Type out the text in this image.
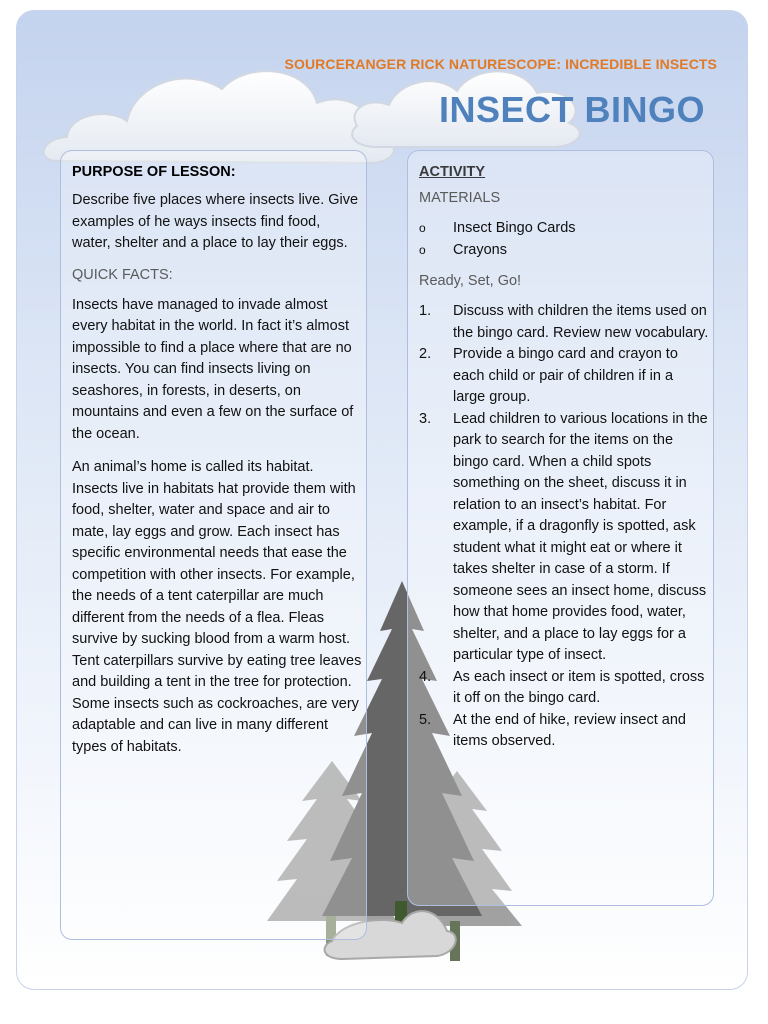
SOURCERANGER RICK NATURESCOPE: INCREDIBLE INSECTS
INSECT BINGO
PURPOSE OF LESSON:

Describe five places where insects live. Give examples of he ways insects find food, water, shelter and a place to lay their eggs.

QUICK FACTS:

Insects have managed to invade almost every habitat in the world. In fact it’s almost impossible to find a place where that are no insects. You can find insects living on seashores, in forests, in deserts, on mountains and even a few on the surface of the ocean.

An animal’s home is called its habitat. Insects live in habitats hat provide them with food, shelter, water and space and air to mate, lay eggs and grow. Each insect has specific environmental needs that ease the competition with other insects. For example, the needs of a tent caterpillar are much different from the needs of a flea. Fleas survive by sucking blood from a warm host. Tent caterpillars survive by eating tree leaves and building a tent in the tree for protection. Some insects such as cockroaches, are very adaptable and can live in many different types of habitats.

ACTIVITY
MATERIALS
o Insect Bingo Cards
o Crayons
Ready, Set, Go!
1. Discuss with children the items used on the bingo card. Review new vocabulary.
2. Provide a bingo card and crayon to each child or pair of children if in a large group.
3. Lead children to various locations in the park to search for the items on the bingo card. When a child spots something on the sheet, discuss it in relation to an insect’s habitat. For example, if a dragonfly is spotted, ask student what it might eat or where it takes shelter in case of a storm. If someone sees an insect home, discuss how that home provides food, water, shelter, and a place to lay eggs for a particular type of insect.
4. As each insect or item is spotted, cross it off on the bingo card.
5. At the end of hike, review insect and items observed.
